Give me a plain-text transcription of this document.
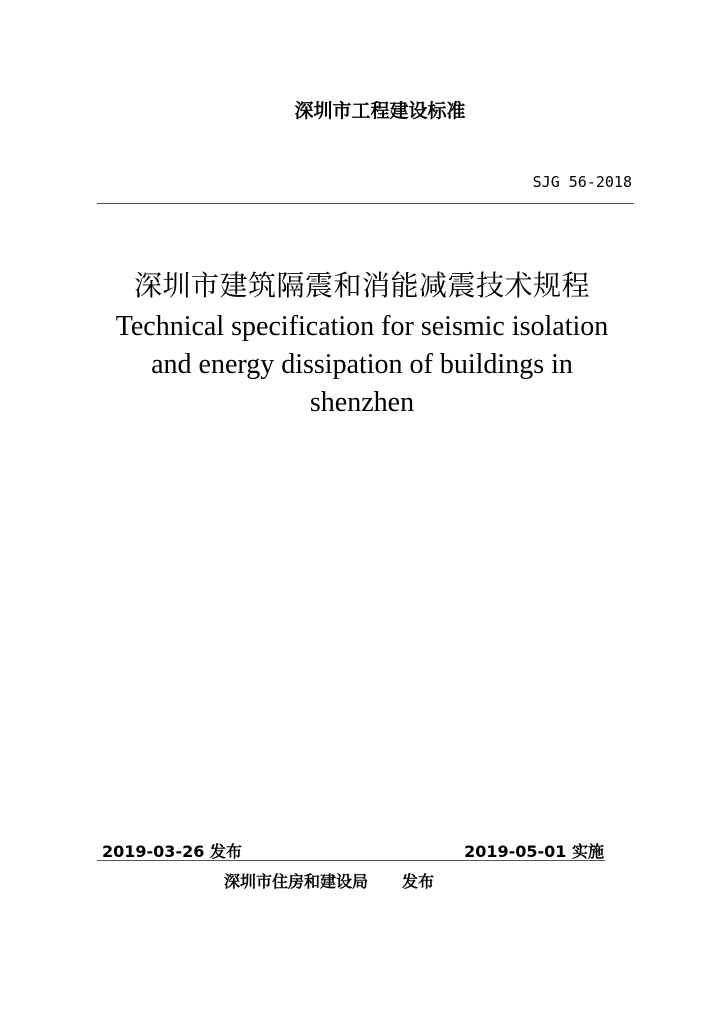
深圳市工程建设标准
SJG 56-2018
深圳市建筑隔震和消能减震技术规程
Technical specification for seismic isolation
and energy dissipation of buildings in
shenzhen
2019-03-26 发布	2019-05-01 实施
深圳市住房和建设局 发布
